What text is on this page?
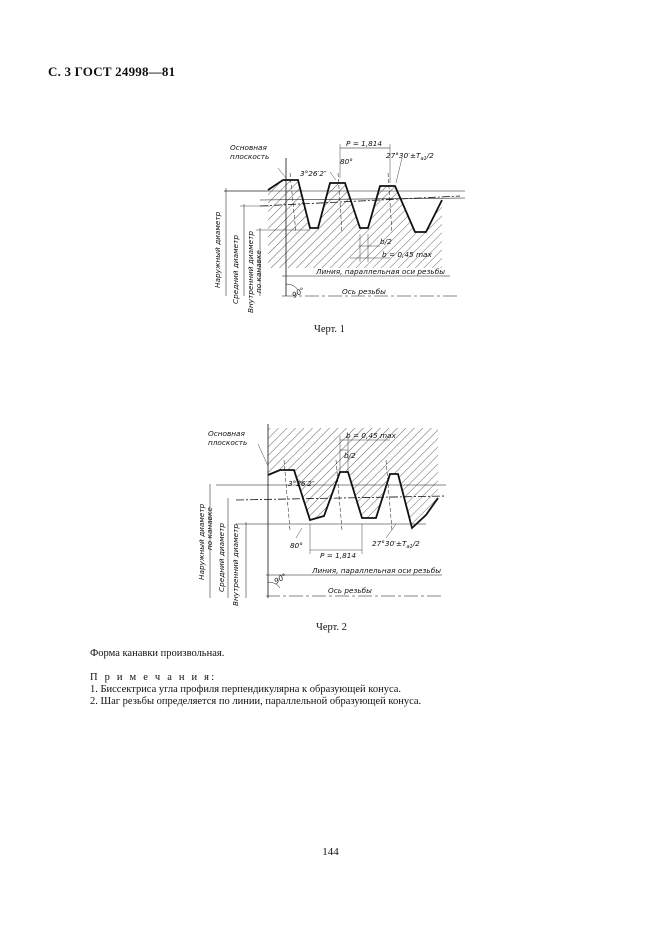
С. 3 ГОСТ 24998—81
Основная
плоскость
3°26′2″
80°
P = 1,814
$27^\circ 30'\pm T_{a1}/2$
b/2
b = 0,45 max
Линия, параллельная оси резьбы
Ось резьбы
90°
Наружный диаметр Средний диаметр Внутренний диаметр по канавке
Черт. 1
Основная
плоскость
b = 0,45 max
b/2
3°26′2″
80°	$27^\circ 30'\pm T_{a1}/2$
P = 1,814
Линия, параллельная оси резьбы
Ось резьбы
90°
Наружный диаметр по канавке Средний диаметр Внутренний диаметр
Черт. 2
Форма канавки произвольная.
П р и м е ч а н и я:
1. Биссектриса угла профиля перпендикулярна к образующей конуса.
2. Шаг резьбы определяется по линии, параллельной образующей конуса.
144
